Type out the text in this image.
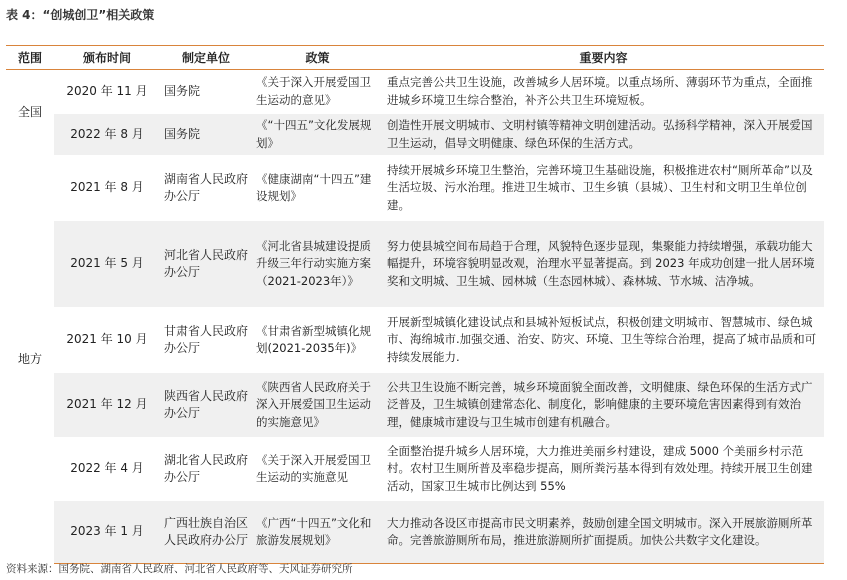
表 4：“创城创卫”相关政策
范围	颁布时间	制定单位	政策	重要内容
全国	2020 年 11 月	国务院	《关于深入开展爱国卫生运动的意见》	重点完善公共卫生设施，改善城乡人居环境。以重点场所、薄弱环节为重点，全面推进城乡环境卫生综合整治，补齐公共卫生环境短板。
	2022 年 8 月	国务院	《“十四五”文化发展规划》	创造性开展文明城市、文明村镇等精神文明创建活动。弘扬科学精神，深入开展爱国卫生运动，倡导文明健康、绿色环保的生活方式。
地方	2021 年 8 月	湖南省人民政府办公厅	《健康湖南“十四五”建设规划》	持续开展城乡环境卫生整治，完善环境卫生基础设施，积极推进农村“厕所革命”以及生活垃圾、污水治理。推进卫生城市、卫生乡镇（县城）、卫生村和文明卫生单位创建。
	2021 年 5 月	河北省人民政府办公厅	《河北省县城建设提质升级三年行动实施方案（2021-2023年）》	努力使县城空间布局趋于合理，风貌特色逐步显现，集聚能力持续增强，承载功能大幅提升，环境容貌明显改观，治理水平显著提高。到 2023 年成功创建一批人居环境奖和文明城、卫生城、园林城（生态园林城）、森林城、节水城、洁净城。
	2021 年 10 月	甘肃省人民政府办公厅	《甘肃省新型城镇化规划(2021-2035年)》	开展新型城镇化建设试点和县城补短板试点，积极创建文明城市、智慧城市、绿色城市、海绵城市.加强交通、治安、防灾、环境、卫生等综合治理，提高了城市品质和可持续发展能力.
	2021 年 12 月	陕西省人民政府办公厅	《陕西省人民政府关于深入开展爱国卫生运动的实施意见》	公共卫生设施不断完善，城乡环境面貌全面改善，文明健康、绿色环保的生活方式广泛普及，卫生城镇创建常态化、制度化，影响健康的主要环境危害因素得到有效治理，健康城市建设与卫生城市创建有机融合。
	2022 年 4 月	湖北省人民政府办公厅	《关于深入开展爱国卫生运动的实施意见	全面整治提升城乡人居环境，大力推进美丽乡村建设，建成 5000 个美丽乡村示范村。农村卫生厕所普及率稳步提高，厕所粪污基本得到有效处理。持续开展卫生创建活动，国家卫生城市比例达到 55%
	2023 年 1 月	广西壮族自治区人民政府办公厅	《广西“十四五”文化和旅游发展规划》	大力推动各设区市提高市民文明素养，鼓励创建全国文明城市。深入开展旅游厕所革命。完善旅游厕所布局，推进旅游厕所扩面提质。加快公共数字文化建设。
资料来源：国务院、湖南省人民政府、河北省人民政府等、天风证券研究所
